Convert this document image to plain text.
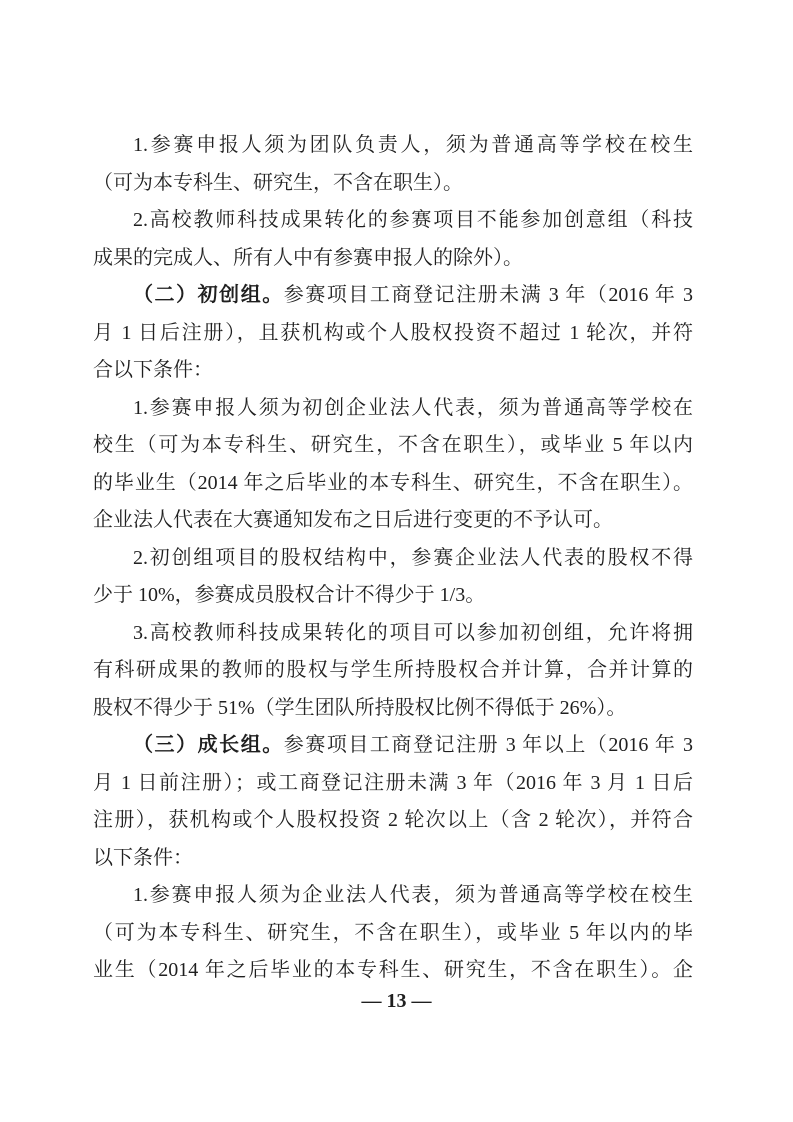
1.参赛申报人须为团队负责人，须为普通高等学校在校生
（可为本专科生、研究生，不含在职生）。
2.高校教师科技成果转化的参赛项目不能参加创意组（科技
成果的完成人、所有人中有参赛申报人的除外）。
（二）初创组。参赛项目工商登记注册未满 3 年（2016 年 3
月 1 日后注册），且获机构或个人股权投资不超过 1 轮次，并符
合以下条件：
1.参赛申报人须为初创企业法人代表，须为普通高等学校在
校生（可为本专科生、研究生，不含在职生），或毕业 5 年以内
的毕业生（2014 年之后毕业的本专科生、研究生，不含在职生）。
企业法人代表在大赛通知发布之日后进行变更的不予认可。
2.初创组项目的股权结构中，参赛企业法人代表的股权不得
少于 10%，参赛成员股权合计不得少于 1/3。
3.高校教师科技成果转化的项目可以参加初创组，允许将拥
有科研成果的教师的股权与学生所持股权合并计算，合并计算的
股权不得少于 51%（学生团队所持股权比例不得低于 26%）。
（三）成长组。参赛项目工商登记注册 3 年以上（2016 年 3
月 1 日前注册）；或工商登记注册未满 3 年（2016 年 3 月 1 日后
注册），获机构或个人股权投资 2 轮次以上（含 2 轮次），并符合
以下条件：
1.参赛申报人须为企业法人代表，须为普通高等学校在校生
（可为本专科生、研究生，不含在职生），或毕业 5 年以内的毕
业生（2014 年之后毕业的本专科生、研究生，不含在职生）。企
— 13 —
